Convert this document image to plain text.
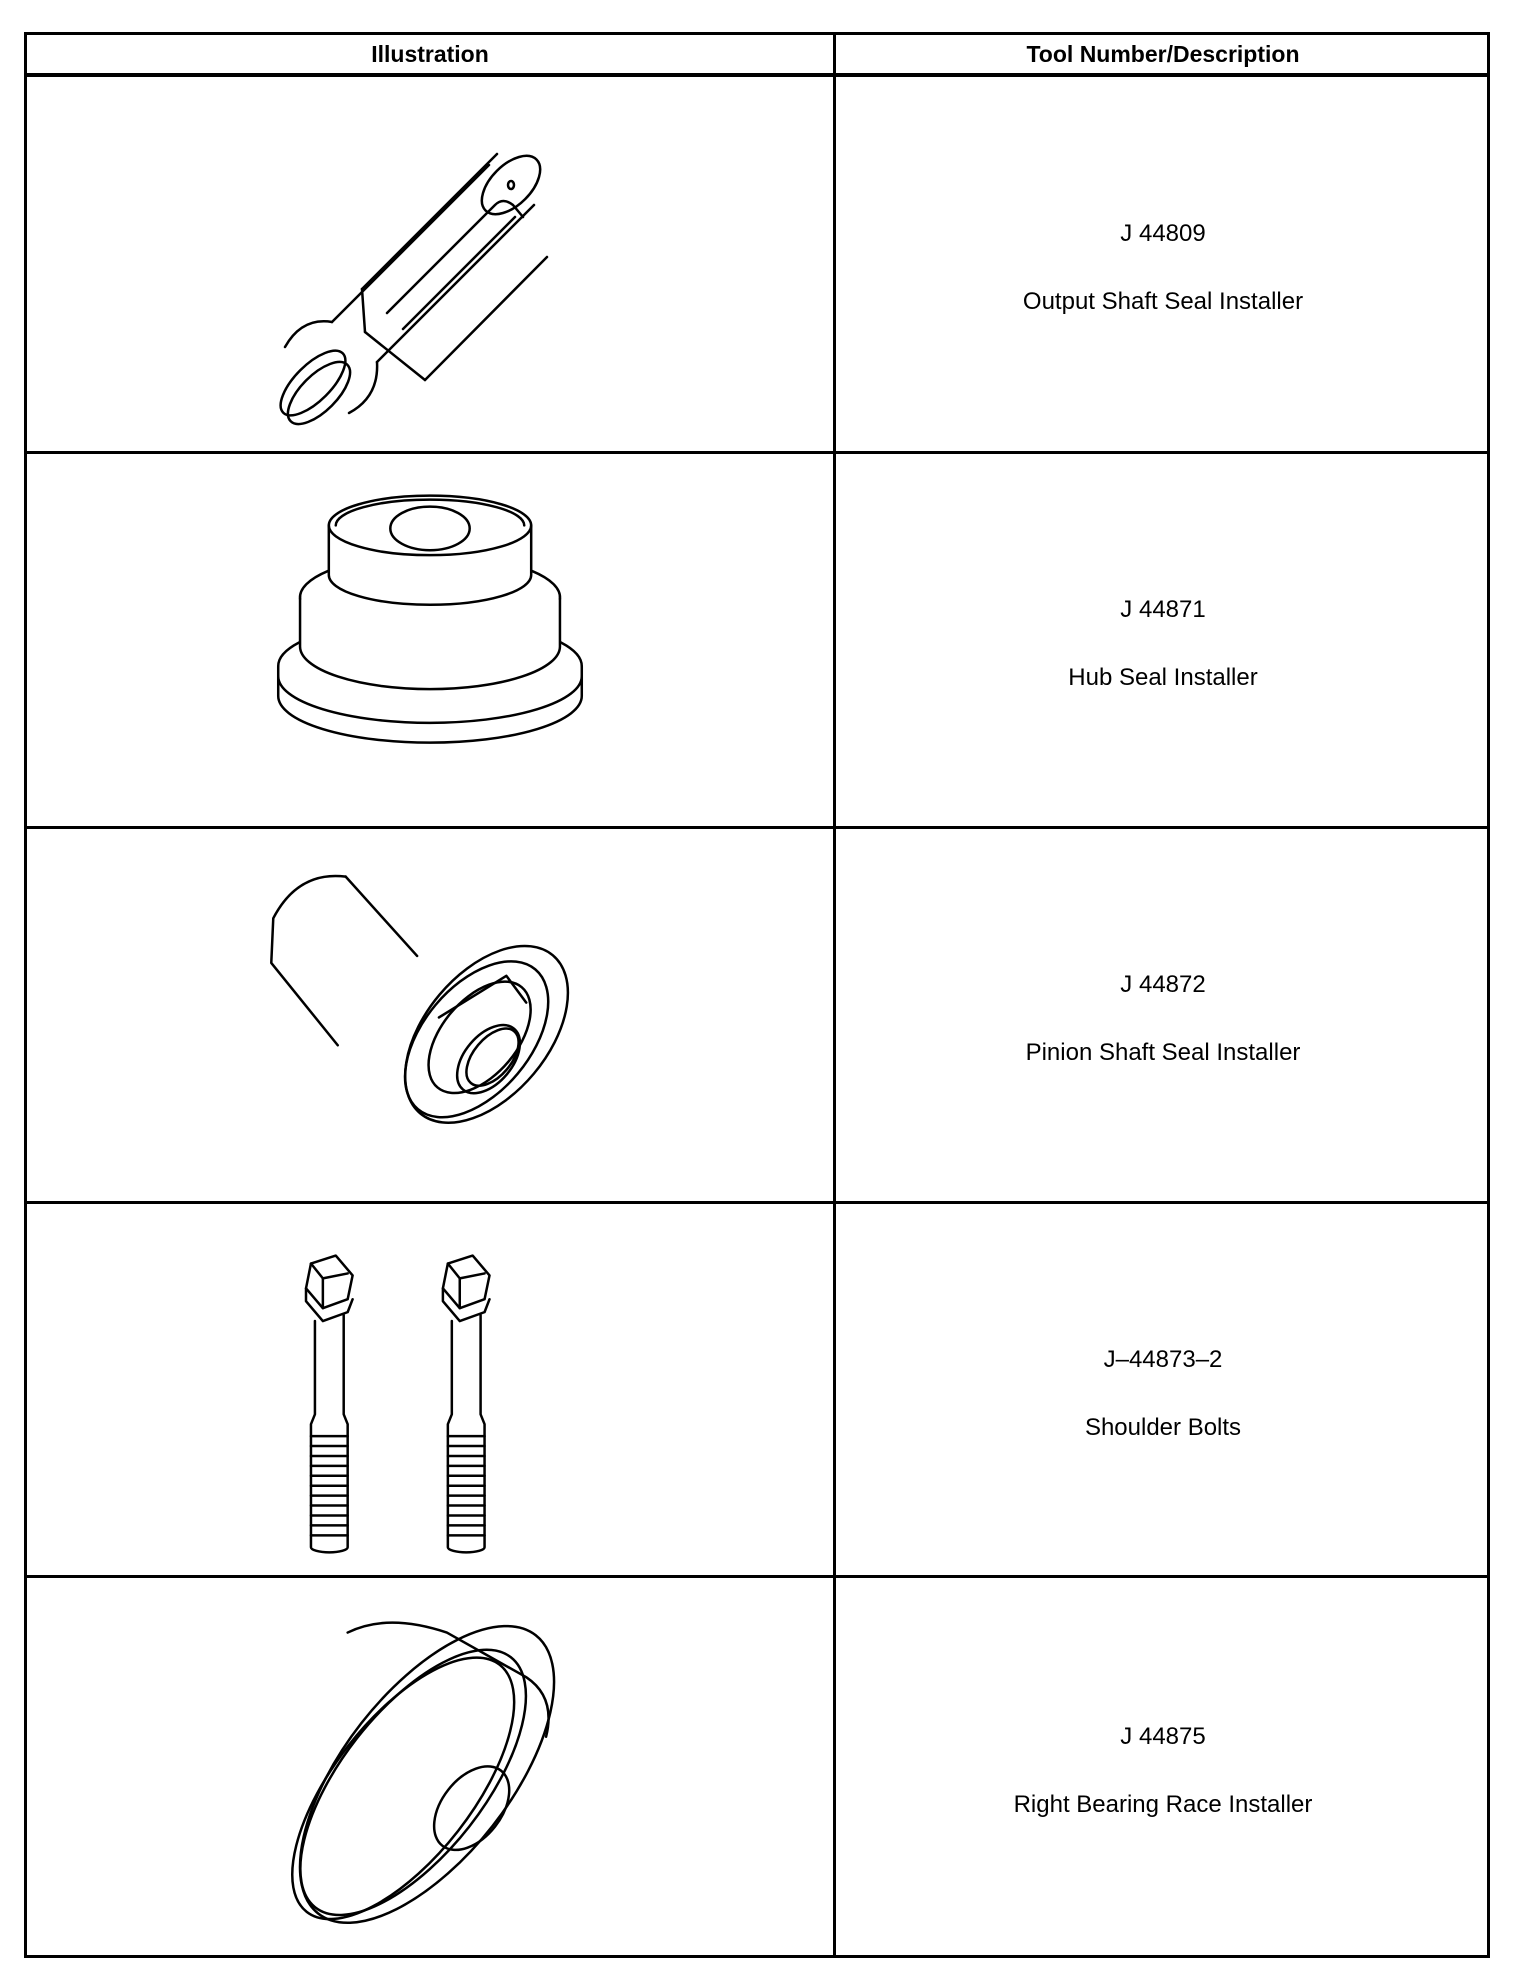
Illustration	Tool Number/Description
J 44809
Output Shaft Seal Installer
J 44871
Hub Seal Installer
J 44872
Pinion Shaft Seal Installer
J–44873–2
Shoulder Bolts
J 44875
Right Bearing Race Installer
